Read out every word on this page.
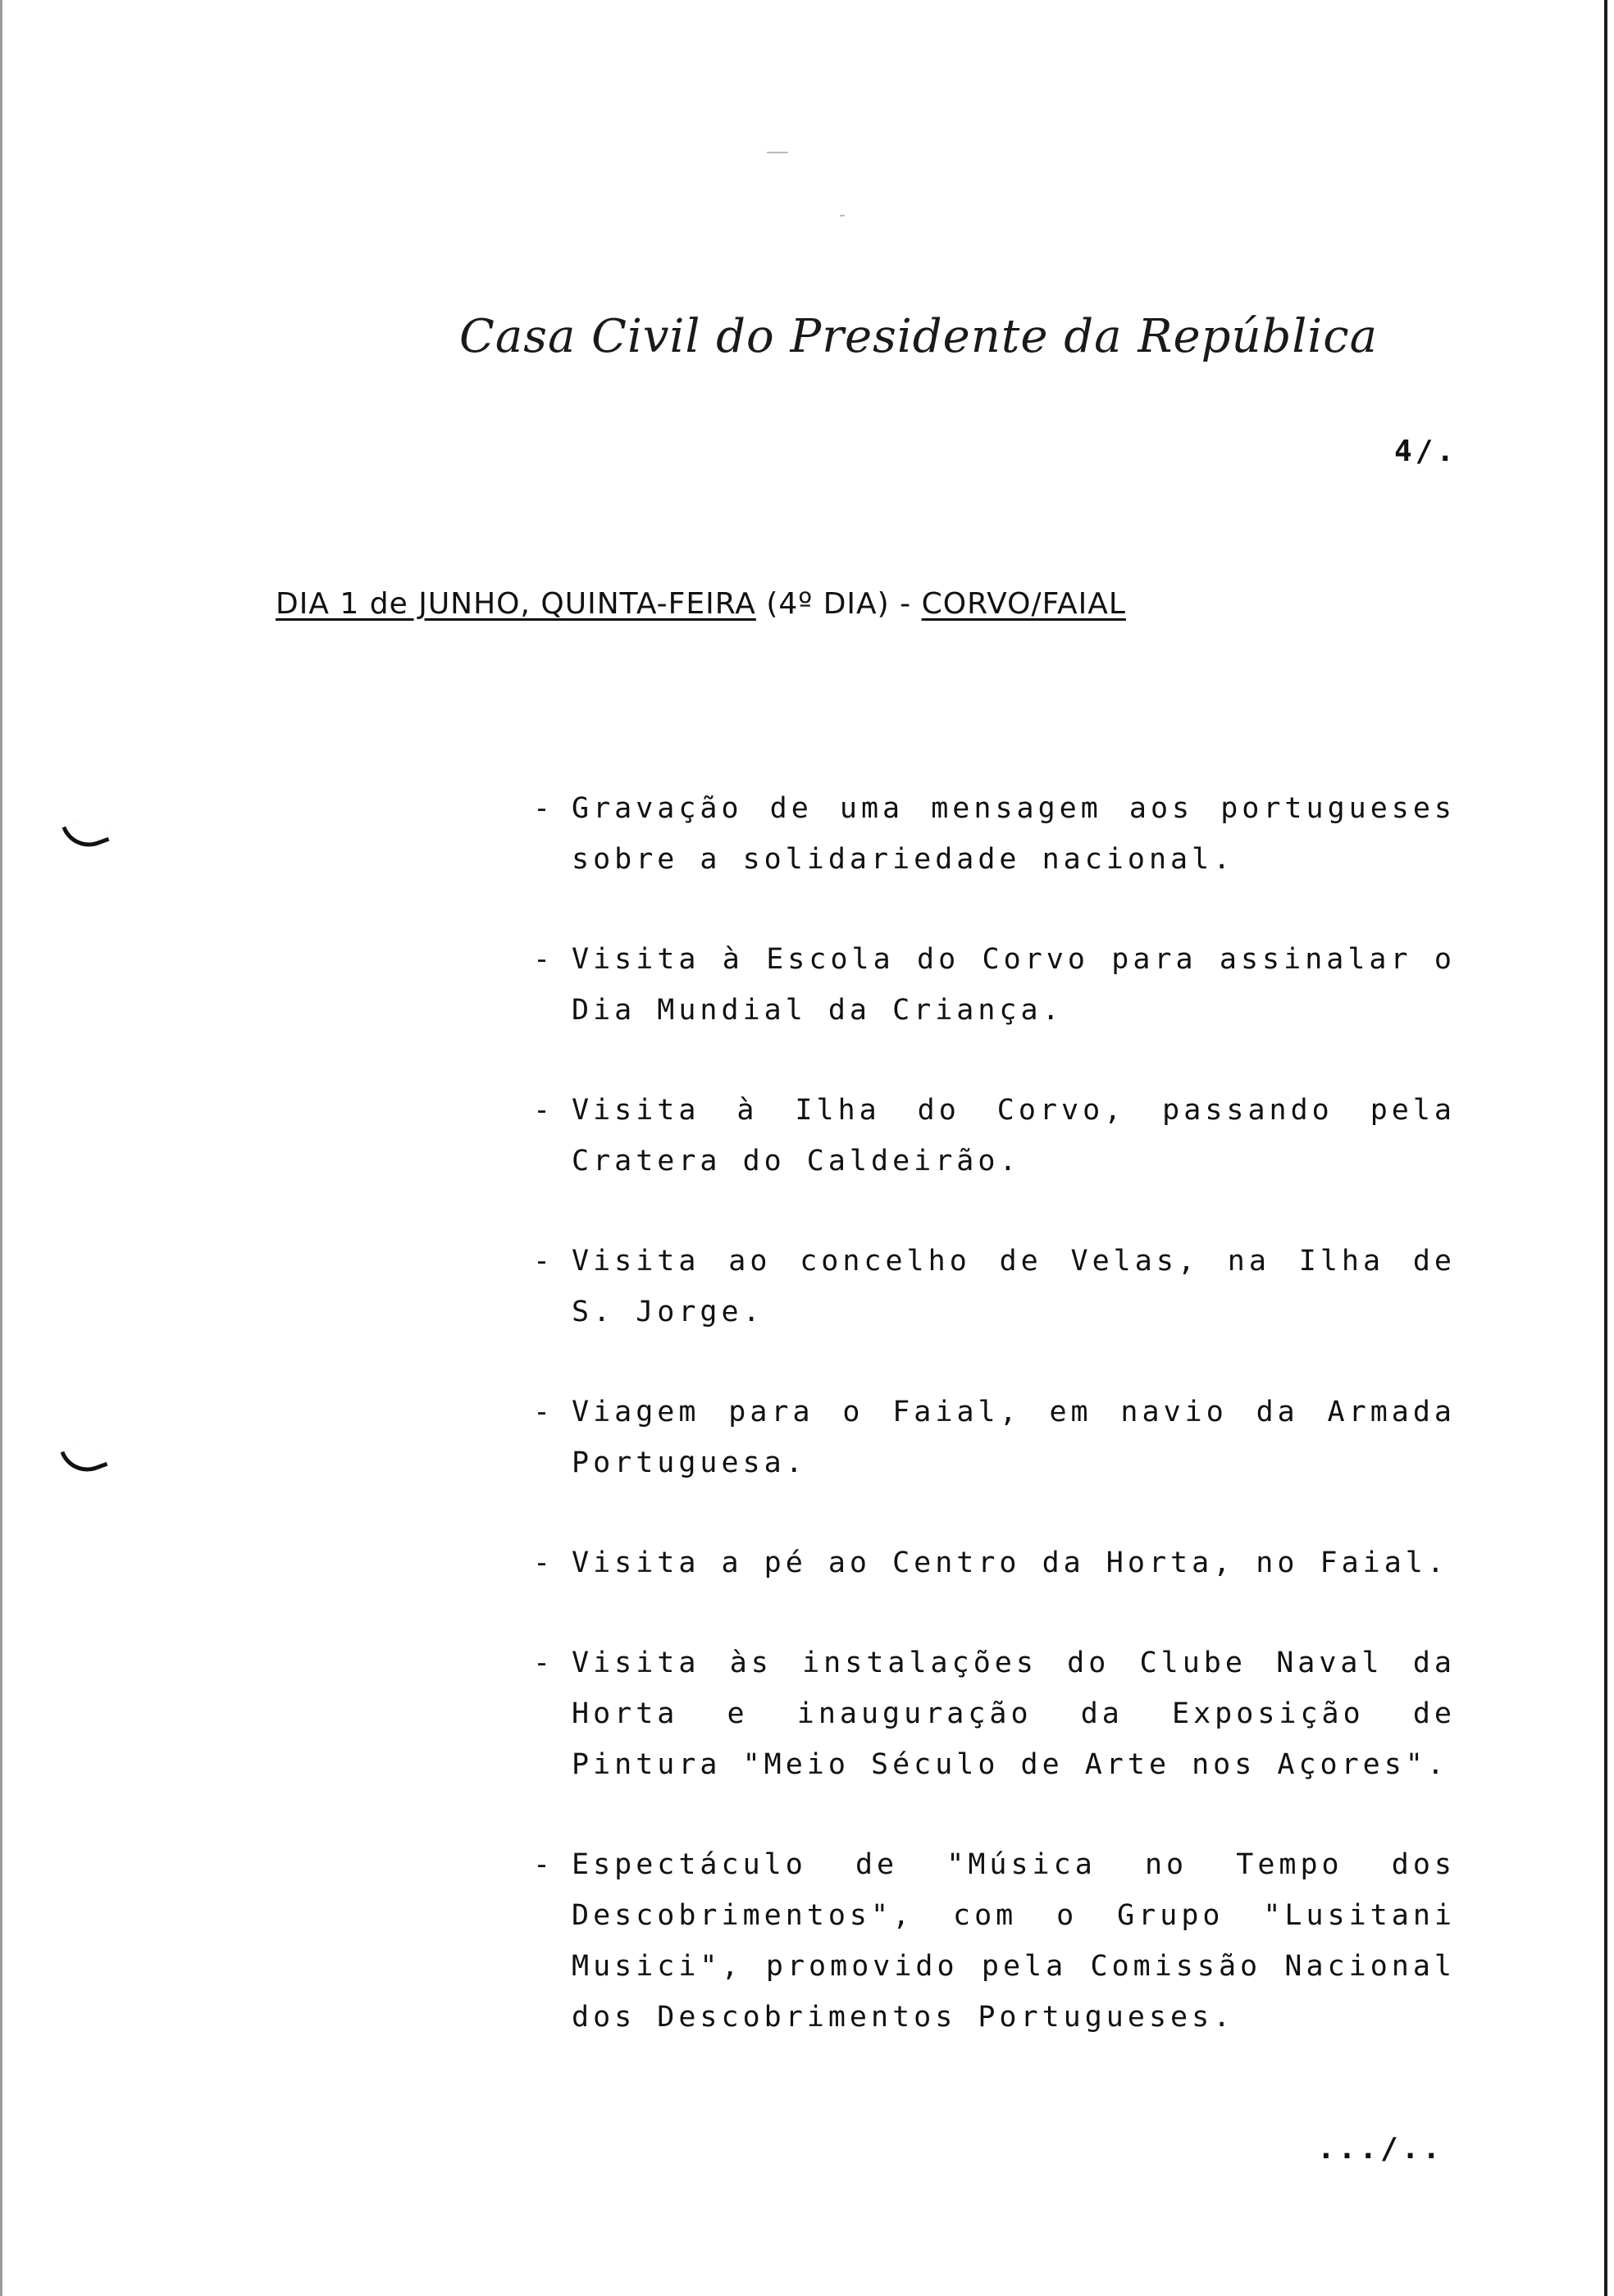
Casa Civil do Presidente da República
4/.
DIA 1 de JUNHO, QUINTA-FEIRA (4º DIA) - CORVO/FAIAL
- Gravação de uma mensagem aos portugueses sobre a solidariedade nacional.
- Visita à Escola do Corvo para assinalar o Dia Mundial da Criança.
- Visita à Ilha do Corvo, passando pela Cratera do Caldeirão.
- Visita ao concelho de Velas, na Ilha de S. Jorge.
- Viagem para o Faial, em navio da Armada Portuguesa.
- Visita a pé ao Centro da Horta, no Faial.
- Visita às instalações do Clube Naval da Horta e inauguração da Exposição de Pintura "Meio Século de Arte nos Açores".
- Espectáculo de "Música no Tempo dos Descobrimentos", com o Grupo "Lusitani Musici", promovido pela Comissão Nacional dos Descobrimentos Portugueses.
.../..
